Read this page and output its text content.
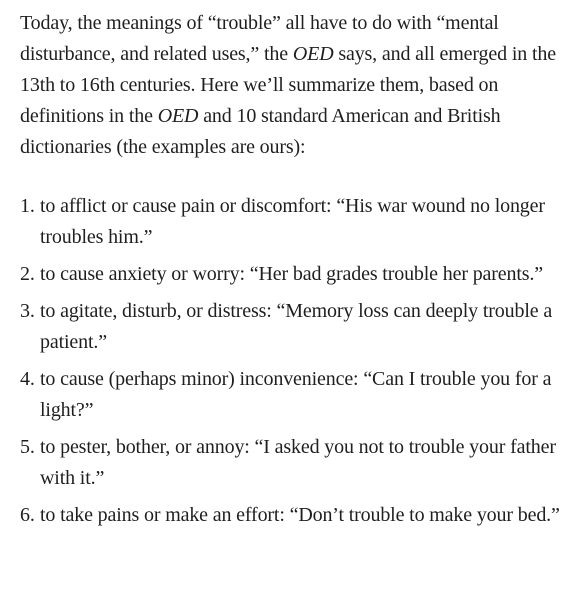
Today, the meanings of “trouble” all have to do with “mental disturbance, and related uses,” the OED says, and all emerged in the 13th to 16th centuries. Here we’ll summarize them, based on definitions in the OED and 10 standard American and British dictionaries (the examples are ours):

1. to afflict or cause pain or discomfort: “His war wound no longer troubles him.”
2. to cause anxiety or worry: “Her bad grades trouble her parents.”
3. to agitate, disturb, or distress: “Memory loss can deeply trouble a patient.”
4. to cause (perhaps minor) inconvenience: “Can I trouble you for a light?”
5. to pester, bother, or annoy: “I asked you not to trouble your father with it.”
6. to take pains or make an effort: “Don’t trouble to make your bed.”
